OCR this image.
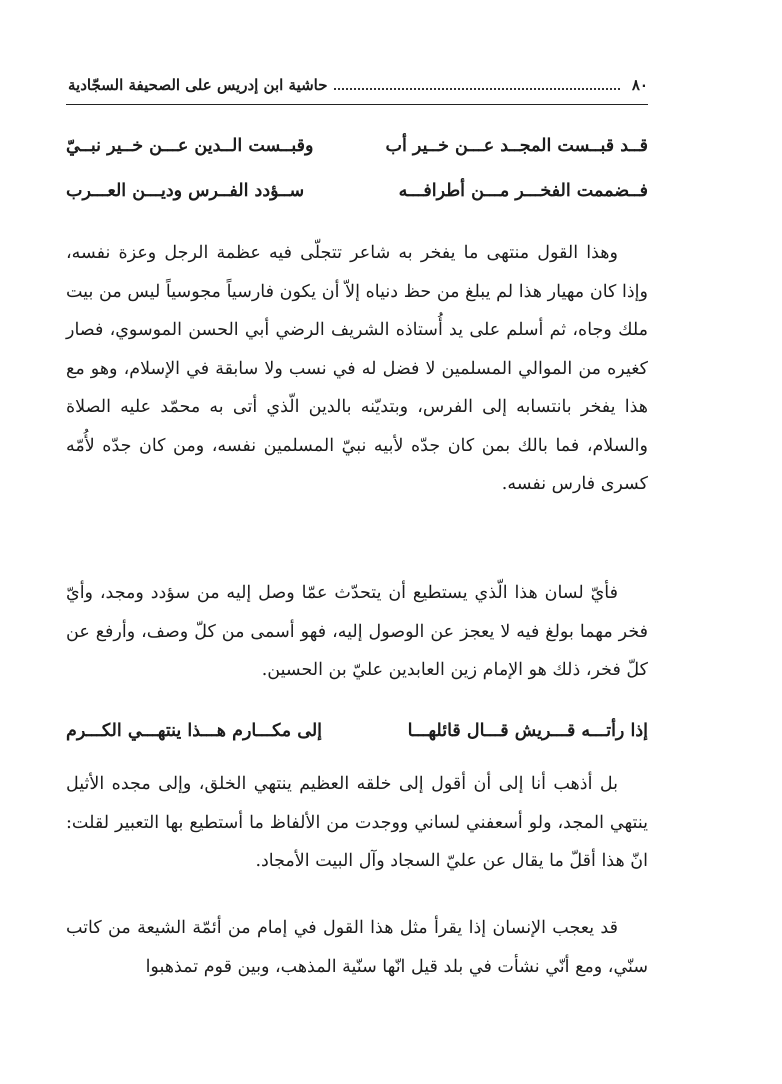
٨٠
حاشية ابن إدريس على الصحيفة السجّادية
قــد قبــست المجــد عـــن خــير أب
وقبــست الــدين عـــن خــير نبــيّ
فــضممت الفخـــر مـــن أطرافـــه
ســؤدد الفــرس وديـــن العـــرب

وهذا القول منتهى ما يفخر به شاعر تتجلّى فيه عظمة الرجل وعزة نفسه، وإذا كان مهيار هذا لم يبلغ من حظ دنياه إلاّ أن يكون فارسياً مجوسياً ليس من بيت ملك وجاه، ثم أسلم على يد أُستاذه الشريف الرضي أبي الحسن الموسوي، فصار كغيره من الموالي المسلمين لا فضل له في نسب ولا سابقة في الإسلام، وهو مع هذا يفخر بانتسابه إلى الفرس، وبتديّنه بالدين الّذي أتى به محمّد عليه الصلاة والسلام، فما بالك بمن كان جدّه لأبيه نبيّ المسلمين نفسه، ومن كان جدّه لأُمّه كسرى فارس نفسه.

فأيّ لسان هذا الّذي يستطيع أن يتحدّث عمّا وصل إليه من سؤدد ومجد، وأيّ فخر مهما بولغ فيه لا يعجز عن الوصول إليه، فهو أسمى من كلّ وصف، وأرفع عن كلّ فخر، ذلك هو الإمام زين العابدين عليّ بن الحسين.

إذا رأتـــه قـــريش قـــال قائلهـــا
إلى مكـــارم هـــذا ينتهـــي الكـــرم

بل أذهب أنا إلى أن أقول إلى خلقه العظيم ينتهي الخلق، وإلى مجده الأثيل ينتهي المجد، ولو أسعفني لساني ووجدت من الألفاظ ما أستطيع بها التعبير لقلت: انّ هذا أقلّ ما يقال عن عليّ السجاد وآل البيت الأمجاد.

قد يعجب الإنسان إذا يقرأ مثل هذا القول في إمام من أئمّة الشيعة من كاتب سنّي، ومع أنّي نشأت في بلد قيل انّها سنّية المذهب، وبين قوم تمذهبوا
